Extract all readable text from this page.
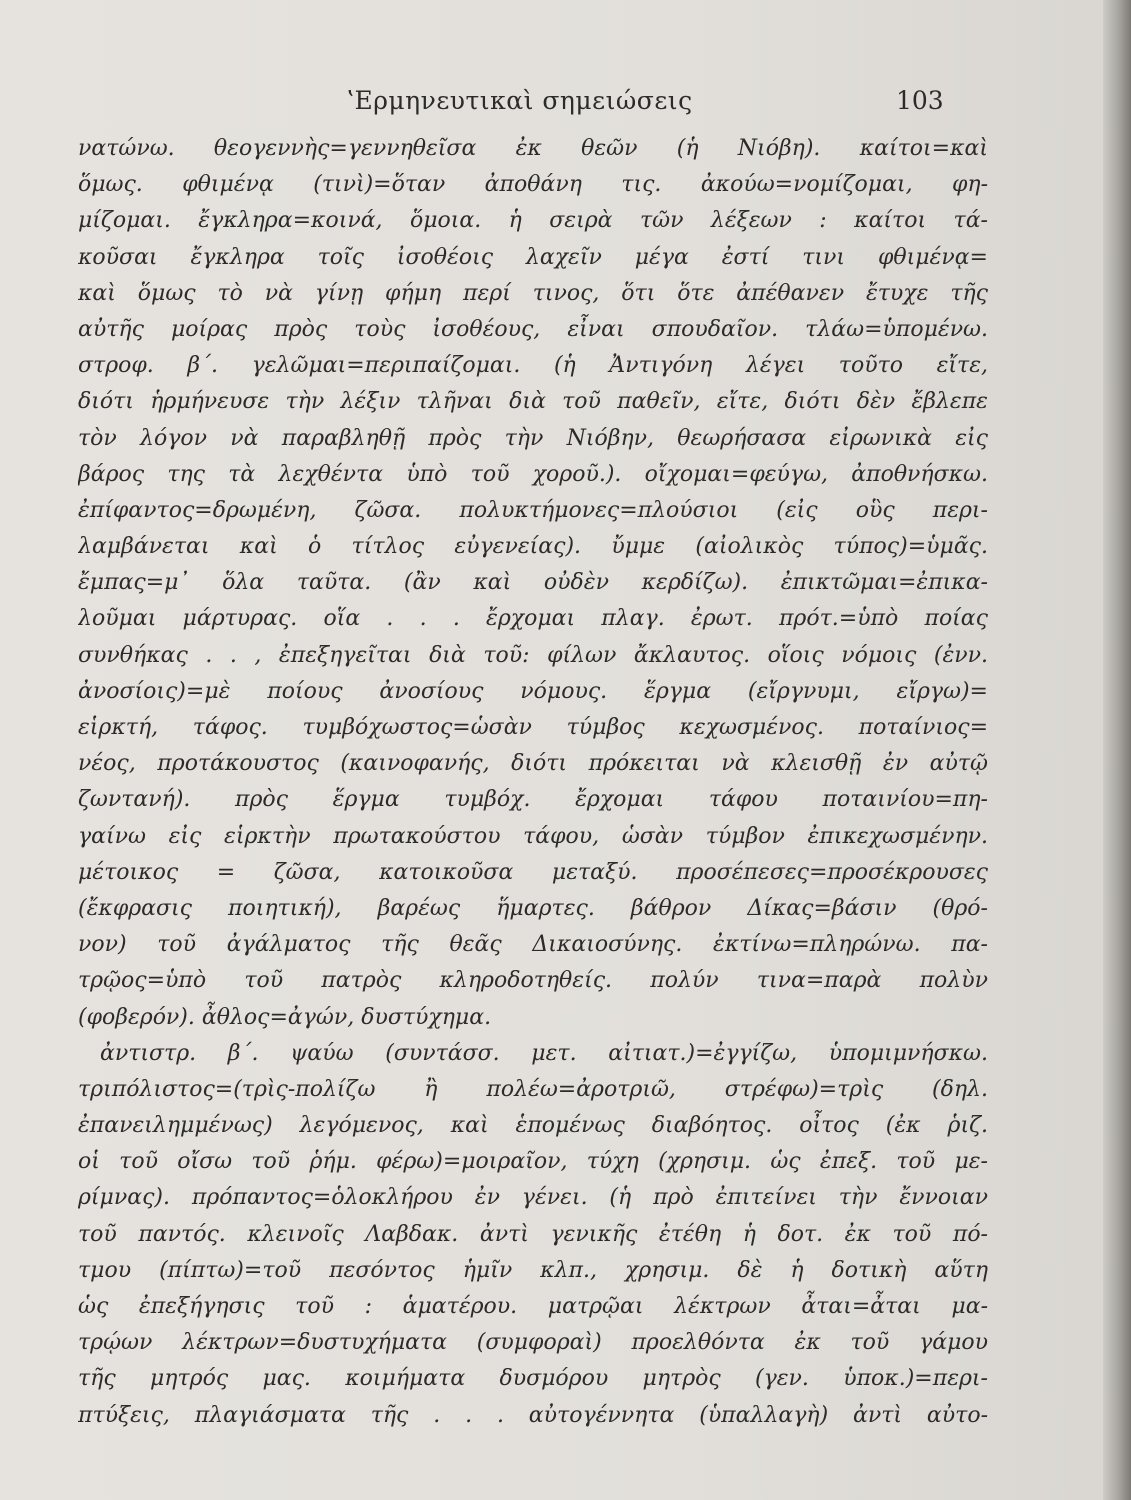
ʽΕρμηνευτικαὶ σημειώσεις	103
νατώνω. θεογεννὴς=γεννηθεῖσα ἐκ θεῶν (ἡ Νιόβη). καίτοι=καὶ
ὅμως. φθιμένᾳ (τινὶ)=ὅταν ἀποθάνη τις. ἀκούω=νομίζομαι, φη-
μίζομαι. ἔγκληρα=κοινά, ὅμοια. ἡ σειρὰ τῶν λέξεων : καίτοι τά-
κοῦσαι ἔγκληρα τοῖς ἰσοθέοις λαχεῖν μέγα ἐστί τινι φθιμένᾳ=
καὶ ὅμως τὸ νὰ γίνῃ φήμη περί τινος, ὅτι ὅτε ἀπέθανεν ἔτυχε τῆς
αὐτῆς μοίρας πρὸς τοὺς ἰσοθέους, εἶναι σπουδαῖον. τλάω=ὑπομένω.
στροφ. β΄. γελῶμαι=περιπαίζομαι. (ἡ Ἀντιγόνη λέγει τοῦτο εἴτε,
διότι ἡρμήνευσε τὴν λέξιν τλῆναι διὰ τοῦ παθεῖν, εἴτε, διότι δὲν ἔβλεπε
τὸν λόγον νὰ παραβληθῇ πρὸς τὴν Νιόβην, θεωρήσασα εἰρωνικὰ εἰς
βάρος της τὰ λεχθέντα ὑπὸ τοῦ χοροῦ.). οἴχομαι=φεύγω, ἀποθνήσκω.
ἐπίφαντος=δρωμένη, ζῶσα. πολυκτήμονες=πλούσιοι (εἰς οὓς περι-
λαμβάνεται καὶ ὁ τίτλος εὐγενείας). ὔμμε (αἰολικὸς τύπος)=ὑμᾶς.
ἔμπας=μ᾽ ὅλα ταῦτα. (ἂν καὶ οὐδὲν κερδίζω). ἐπικτῶμαι=ἐπικα-
λοῦμαι μάρτυρας. οἵα . . . ἔρχομαι πλαγ. ἐρωτ. πρότ.=ὑπὸ ποίας
συνθήκας . . , ἐπεξηγεῖται διὰ τοῦ: φίλων ἄκλαυτος. οἵοις νόμοις (ἐνν.
ἀνοσίοις)=μὲ ποίους ἀνοσίους νόμους. ἕργμα (εἴργνυμι, εἴργω)=
εἱρκτή, τάφος. τυμβόχωστος=ὡσὰν τύμβος κεχωσμένος. ποταίνιος=
νέος, προτάκουστος (καινοφανής, διότι πρόκειται νὰ κλεισθῇ ἐν αὐτῷ
ζωντανή). πρὸς ἕργμα τυμβόχ. ἔρχομαι τάφου ποταινίου=πη-
γαίνω εἰς εἱρκτὴν πρωτακούστου τάφου, ὡσὰν τύμβον ἐπικεχωσμένην.
μέτοικος = ζῶσα, κατοικοῦσα μεταξύ. προσέπεσες=προσέκρουσες
(ἔκφρασις ποιητική), βαρέως ἥμαρτες. βάθρον Δίκας=βάσιν (θρό-
νον) τοῦ ἀγάλματος τῆς θεᾶς Δικαιοσύνης. ἐκτίνω=πληρώνω. πα-
τρῷος=ὑπὸ τοῦ πατρὸς κληροδοτηθείς. πολύν τινα=παρὰ πολὺν
(φοβερόν). ἆθλος=ἀγών, δυστύχημα.
ἀντιστρ. β΄. ψαύω (συντάσσ. μετ. αἰτιατ.)=ἐγγίζω, ὑπομιμνήσκω.
τριπόλιστος=(τρὶς-πολίζω ἢ πολέω=ἀροτριῶ, στρέφω)=τρὶς (δηλ.
ἐπανειλημμένως) λεγόμενος, καὶ ἑπομένως διαβόητος. οἶτος (ἐκ ῥιζ.
οἱ τοῦ οἴσω τοῦ ῥήμ. φέρω)=μοιραῖον, τύχη (χρησιμ. ὡς ἐπεξ. τοῦ με-
ρίμνας). πρόπαντος=ὁλοκλήρου ἐν γένει. (ἡ πρὸ ἐπιτείνει τὴν ἔννοιαν
τοῦ παντός. κλεινοῖς Λαβδακ. ἀντὶ γενικῆς ἐτέθη ἡ δοτ. ἐκ τοῦ πό-
τμου (πίπτω)=τοῦ πεσόντος ἡμῖν κλπ., χρησιμ. δὲ ἡ δοτικὴ αὕτη
ὡς ἐπεξήγησις τοῦ : ἁματέρου. ματρῷαι λέκτρων ἆται=ἆται μα-
τρῴων λέκτρων=δυστυχήματα (συμφοραὶ) προελθόντα ἐκ τοῦ γάμου
τῆς μητρός μας. κοιμήματα δυσμόρου μητρὸς (γεν. ὑποκ.)=περι-
πτύξεις, πλαγιάσματα τῆς . . . αὐτογέννητα (ὑπαλλαγὴ) ἀντὶ αὐτο-
